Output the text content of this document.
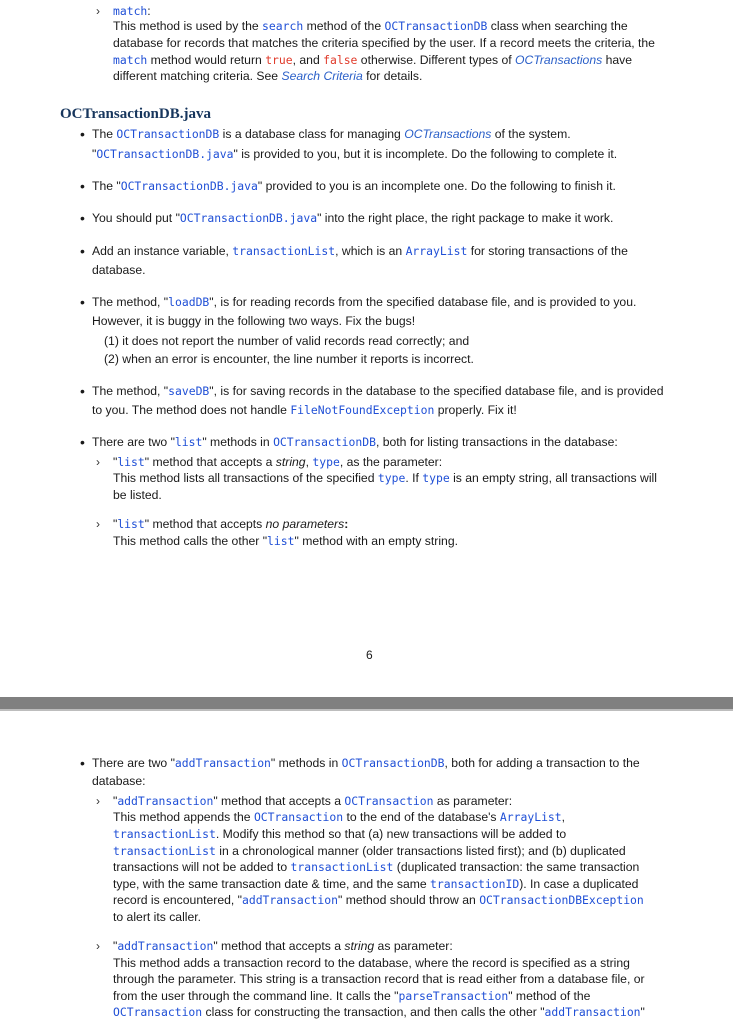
› match:
This method is used by the search method of the OCTransactionDB class when searching the
database for records that matches the criteria specified by the user. If a record meets the criteria, the
match method would return true, and false otherwise. Different types of OCTransactions have
different matching criteria. See Search Criteria for details.
OCTransactionDB.java
• The OCTransactionDB is a database class for managing OCTransactions of the system.
"OCTransactionDB.java" is provided to you, but it is incomplete. Do the following to complete it.
• The "OCTransactionDB.java" provided to you is an incomplete one. Do the following to finish it.
• You should put "OCTransactionDB.java" into the right place, the right package to make it work.
• Add an instance variable, transactionList, which is an ArrayList for storing transactions of the
database.
• The method, "loadDB", is for reading records from the specified database file, and is provided to you.
However, it is buggy in the following two ways. Fix the bugs!
(1) it does not report the number of valid records read correctly; and
(2) when an error is encounter, the line number it reports is incorrect.
• The method, "saveDB", is for saving records in the database to the specified database file, and is provided
to you. The method does not handle FileNotFoundException properly. Fix it!
• There are two "list" methods in OCTransactionDB, both for listing transactions in the database:
› "list" method that accepts a string, type, as the parameter:
This method lists all transactions of the specified type. If type is an empty string, all transactions will
be listed.
› "list" method that accepts no parameters:
This method calls the other "list" method with an empty string.
6
• There are two "addTransaction" methods in OCTransactionDB, both for adding a transaction to the
database:
› "addTransaction" method that accepts a OCTransaction as parameter:
This method appends the OCTransaction to the end of the database's ArrayList,
transactionList. Modify this method so that (a) new transactions will be added to
transactionList in a chronological manner (older transactions listed first); and (b) duplicated
transactions will not be added to transactionList (duplicated transaction: the same transaction
type, with the same transaction date & time, and the same transactionID). In case a duplicated
record is encountered, "addTransaction" method should throw an OCTransactionDBException
to alert its caller.
› "addTransaction" method that accepts a string as parameter:
This method adds a transaction record to the database, where the record is specified as a string
through the parameter. This string is a transaction record that is read either from a database file, or
from the user through the command line. It calls the "parseTransaction" method of the
OCTransaction class for constructing the transaction, and then calls the other "addTransaction"
